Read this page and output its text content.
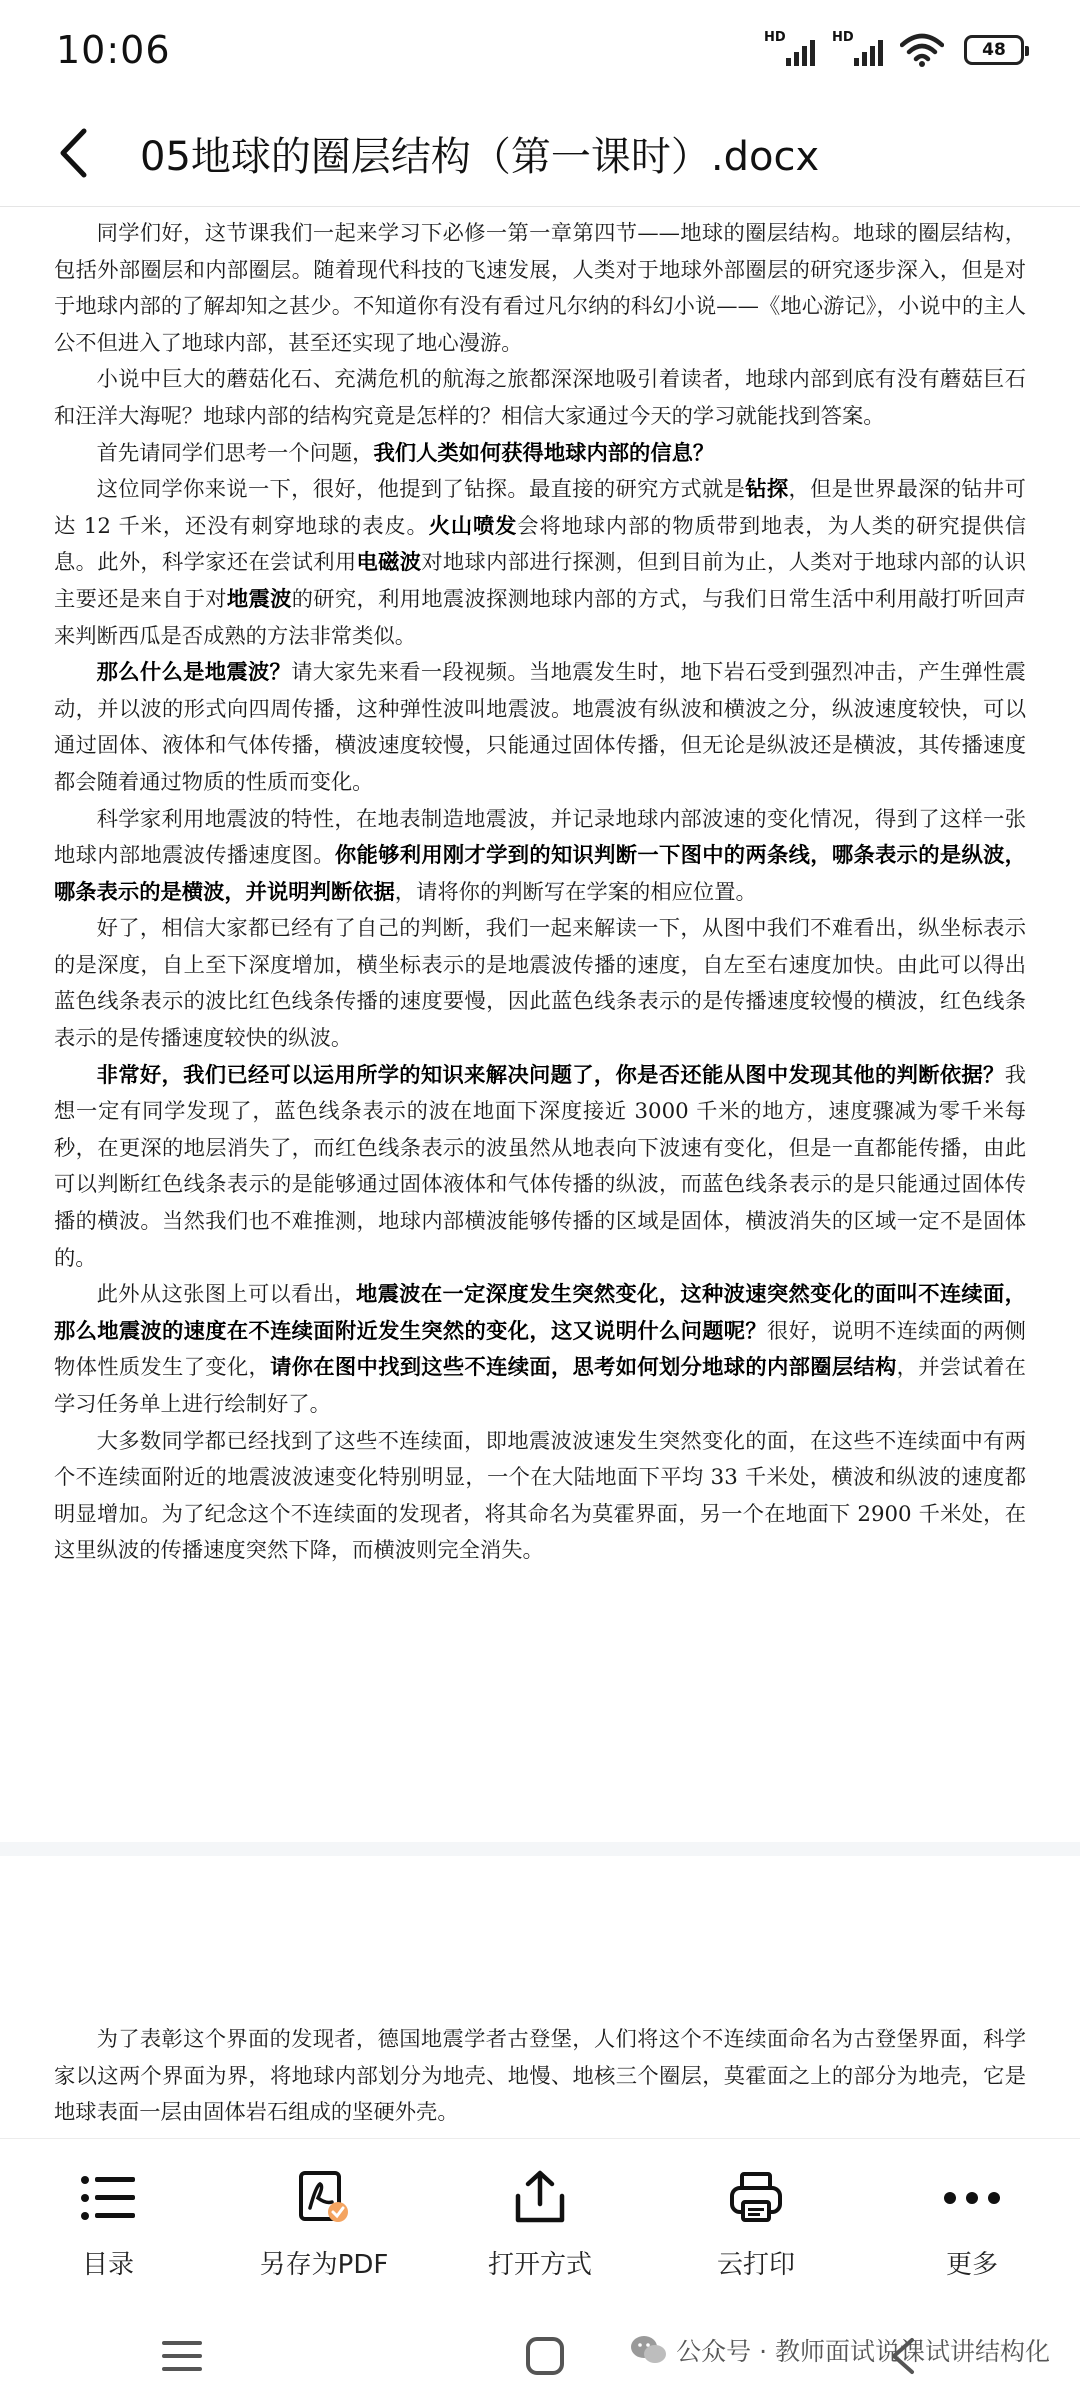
10:06	HD	HD
48
05地球的圈层结构（第一课时）.docx

同学们好，这节课我们一起来学习下必修一第一章第四节——地球的圈层结构。地球的圈层结构，包括外部圈层和内部圈层。随着现代科技的飞速发展，人类对于地球外部圈层的研究逐步深入，但是对于地球内部的了解却知之甚少。不知道你有没有看过凡尔纳的科幻小说——《地心游记》，小说中的主人公不但进入了地球内部，甚至还实现了地心漫游。

小说中巨大的蘑菇化石、充满危机的航海之旅都深深地吸引着读者，地球内部到底有没有蘑菇巨石和汪洋大海呢？地球内部的结构究竟是怎样的？相信大家通过今天的学习就能找到答案。

首先请同学们思考一个问题，我们人类如何获得地球内部的信息？

这位同学你来说一下，很好，他提到了钻探。最直接的研究方式就是钻探，但是世界最深的钻井可达 12 千米，还没有刺穿地球的表皮。火山喷发会将地球内部的物质带到地表，为人类的研究提供信息。此外，科学家还在尝试利用电磁波对地球内部进行探测，但到目前为止，人类对于地球内部的认识主要还是来自于对地震波的研究，利用地震波探测地球内部的方式，与我们日常生活中利用敲打听回声来判断西瓜是否成熟的方法非常类似。

那么什么是地震波？请大家先来看一段视频。当地震发生时，地下岩石受到强烈冲击，产生弹性震动，并以波的形式向四周传播，这种弹性波叫地震波。地震波有纵波和横波之分，纵波速度较快，可以通过固体、液体和气体传播，横波速度较慢，只能通过固体传播，但无论是纵波还是横波，其传播速度都会随着通过物质的性质而变化。

科学家利用地震波的特性，在地表制造地震波，并记录地球内部波速的变化情况，得到了这样一张地球内部地震波传播速度图。你能够利用刚才学到的知识判断一下图中的两条线，哪条表示的是纵波，哪条表示的是横波，并说明判断依据，请将你的判断写在学案的相应位置。

好了，相信大家都已经有了自己的判断，我们一起来解读一下，从图中我们不难看出，纵坐标表示的是深度，自上至下深度增加，横坐标表示的是地震波传播的速度，自左至右速度加快。由此可以得出蓝色线条表示的波比红色线条传播的速度要慢，因此蓝色线条表示的是传播速度较慢的横波，红色线条表示的是传播速度较快的纵波。

非常好，我们已经可以运用所学的知识来解决问题了，你是否还能从图中发现其他的判断依据？我想一定有同学发现了，蓝色线条表示的波在地面下深度接近 3000 千米的地方，速度骤减为零千米每秒，在更深的地层消失了，而红色线条表示的波虽然从地表向下波速有变化，但是一直都能传播，由此可以判断红色线条表示的是能够通过固体液体和气体传播的纵波，而蓝色线条表示的是只能通过固体传播的横波。当然我们也不难推测，地球内部横波能够传播的区域是固体，横波消失的区域一定不是固体的。

此外从这张图上可以看出，地震波在一定深度发生突然变化，这种波速突然变化的面叫不连续面，那么地震波的速度在不连续面附近发生突然的变化，这又说明什么问题呢？很好，说明不连续面的两侧物体性质发生了变化，请你在图中找到这些不连续面，思考如何划分地球的内部圈层结构，并尝试着在学习任务单上进行绘制好了。

大多数同学都已经找到了这些不连续面，即地震波波速发生突然变化的面，在这些不连续面中有两个不连续面附近的地震波波速变化特别明显，一个在大陆地面下平均 33 千米处，横波和纵波的速度都明显增加。为了纪念这个不连续面的发现者，将其命名为莫霍界面，另一个在地面下 2900 千米处，在这里纵波的传播速度突然下降，而横波则完全消失。

为了表彰这个界面的发现者，德国地震学者古登堡，人们将这个不连续面命名为古登堡界面，科学家以这两个界面为界，将地球内部划分为地壳、地慢、地核三个圈层，莫霍面之上的部分为地壳，它是地球表面一层由固体岩石组成的坚硬外壳。

目录	另存为PDF	打开方式	云打印	更多
公众号 · 教师面试说课试讲结构化
